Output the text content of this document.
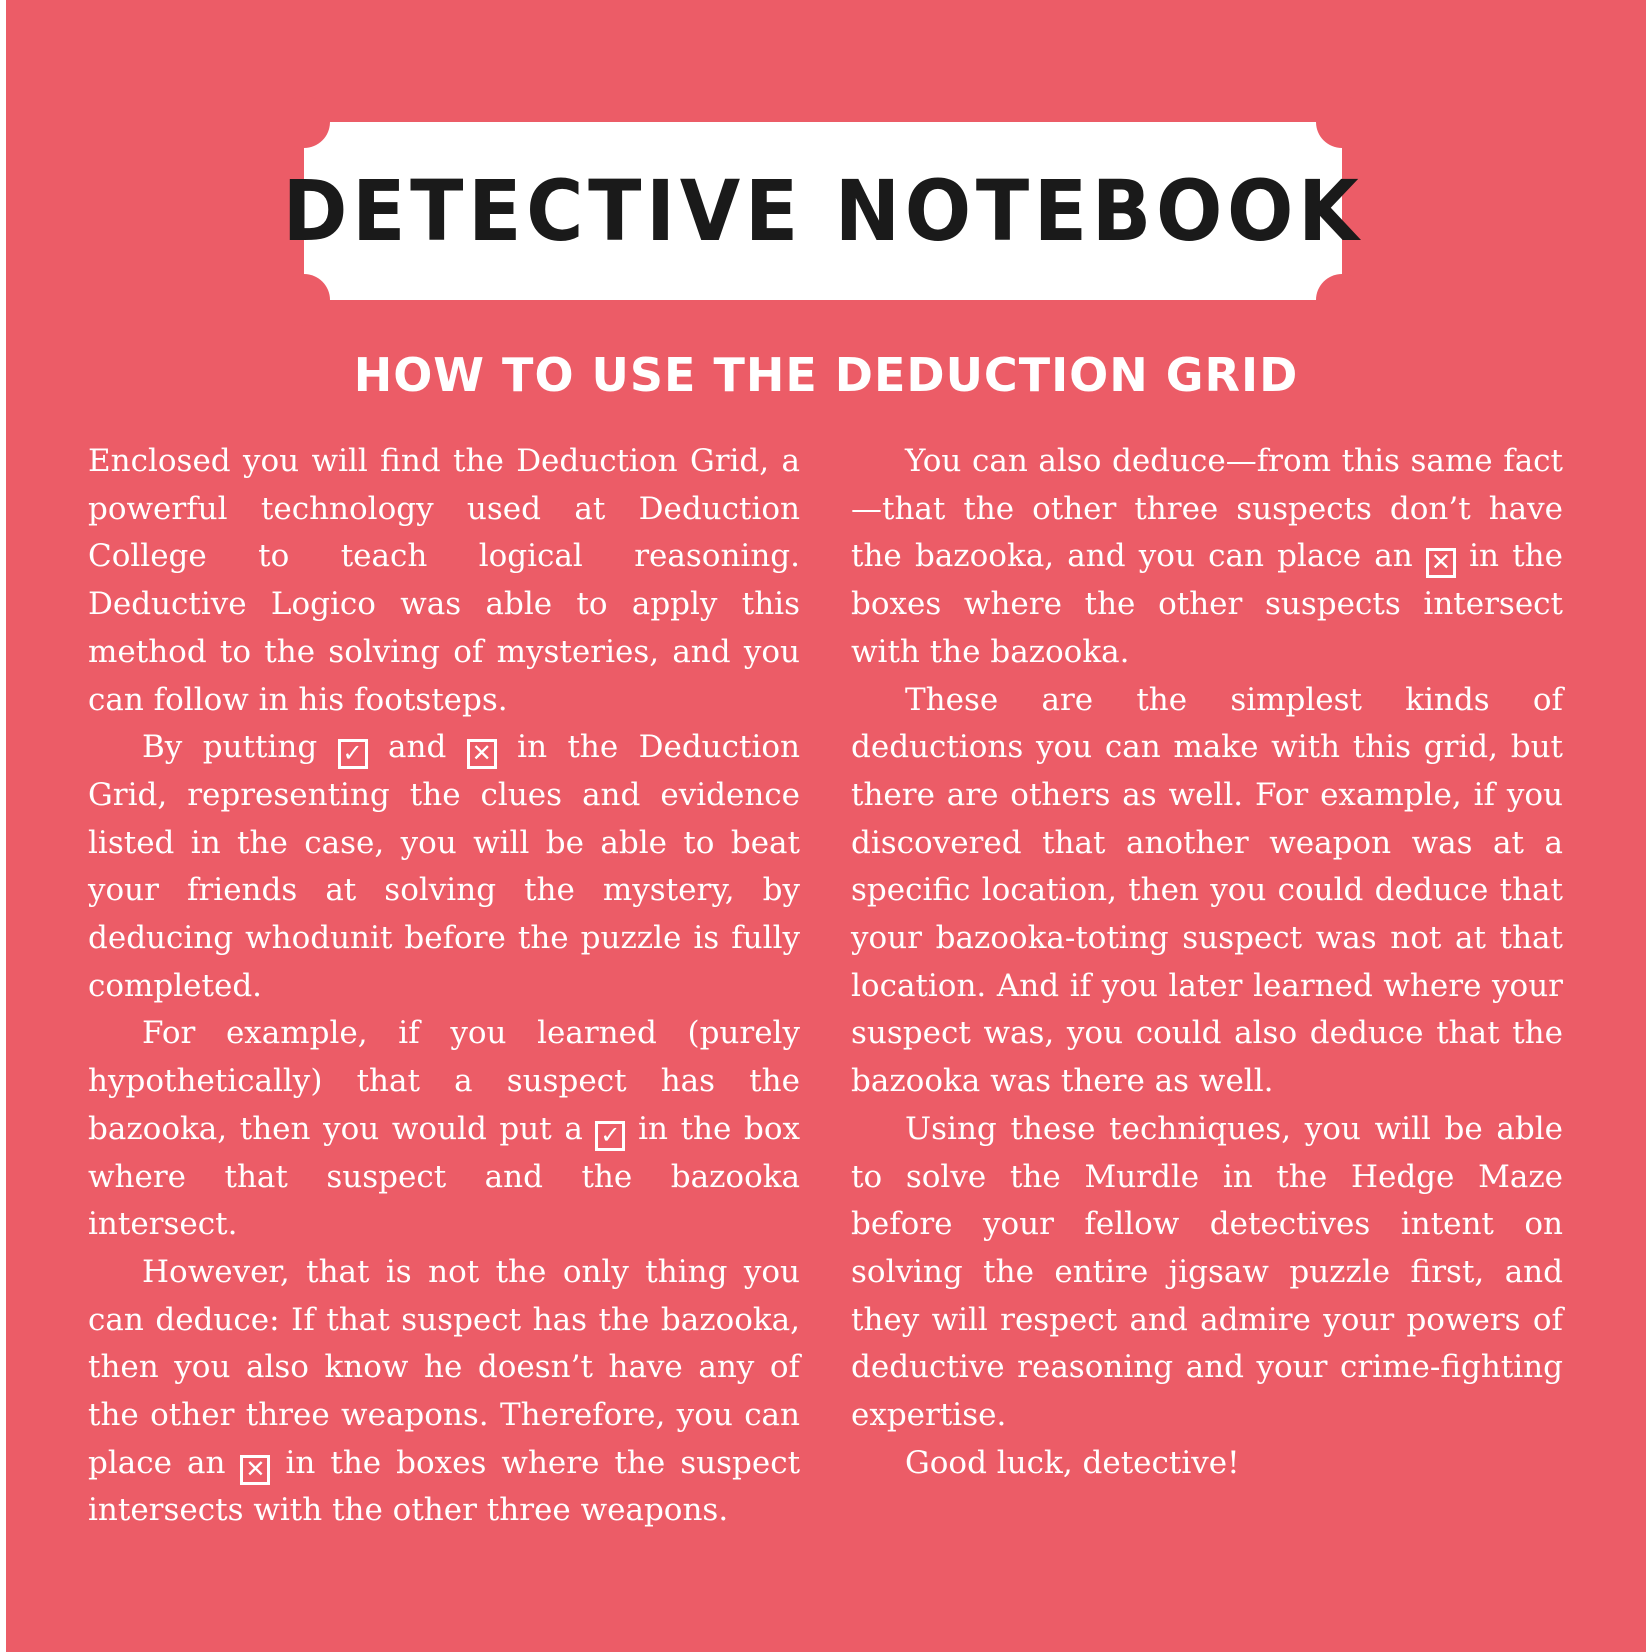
DETECTIVE NOTEBOOK
HOW TO USE THE DEDUCTION GRID

Enclosed you will find the Deduction Grid, a powerful technology used at Deduction College to teach logical reasoning. Deductive Logico was able to apply this method to the solving of mysteries, and you can follow in his footsteps.

By putting ✓ and ✕ in the Deduction Grid, representing the clues and evidence listed in the case, you will be able to beat your friends at solving the mystery, by deducing whodunit before the puzzle is fully completed.

For example, if you learned (purely hypothetically) that a suspect has the bazooka, then you would put a ✓ in the box where that suspect and the bazooka intersect.

However, that is not the only thing you can deduce: If that suspect has the bazooka, then you also know he doesn’t have any of the other three weapons. Therefore, you can place an ✕ in the boxes where the suspect intersects with the other three weapons.

You can also deduce—from this same fact—that the other three suspects don’t have the bazooka, and you can place an ✕ in the boxes where the other suspects intersect with the bazooka.

These are the simplest kinds of deductions you can make with this grid, but there are others as well. For example, if you discovered that another weapon was at a specific location, then you could deduce that your bazooka-toting suspect was not at that location. And if you later learned where your suspect was, you could also deduce that the bazooka was there as well.

Using these techniques, you will be able to solve the Murdle in the Hedge Maze before your fellow detectives intent on solving the entire jigsaw puzzle first, and they will respect and admire your powers of deductive reasoning and your crime-fighting expertise.

Good luck, detective!
